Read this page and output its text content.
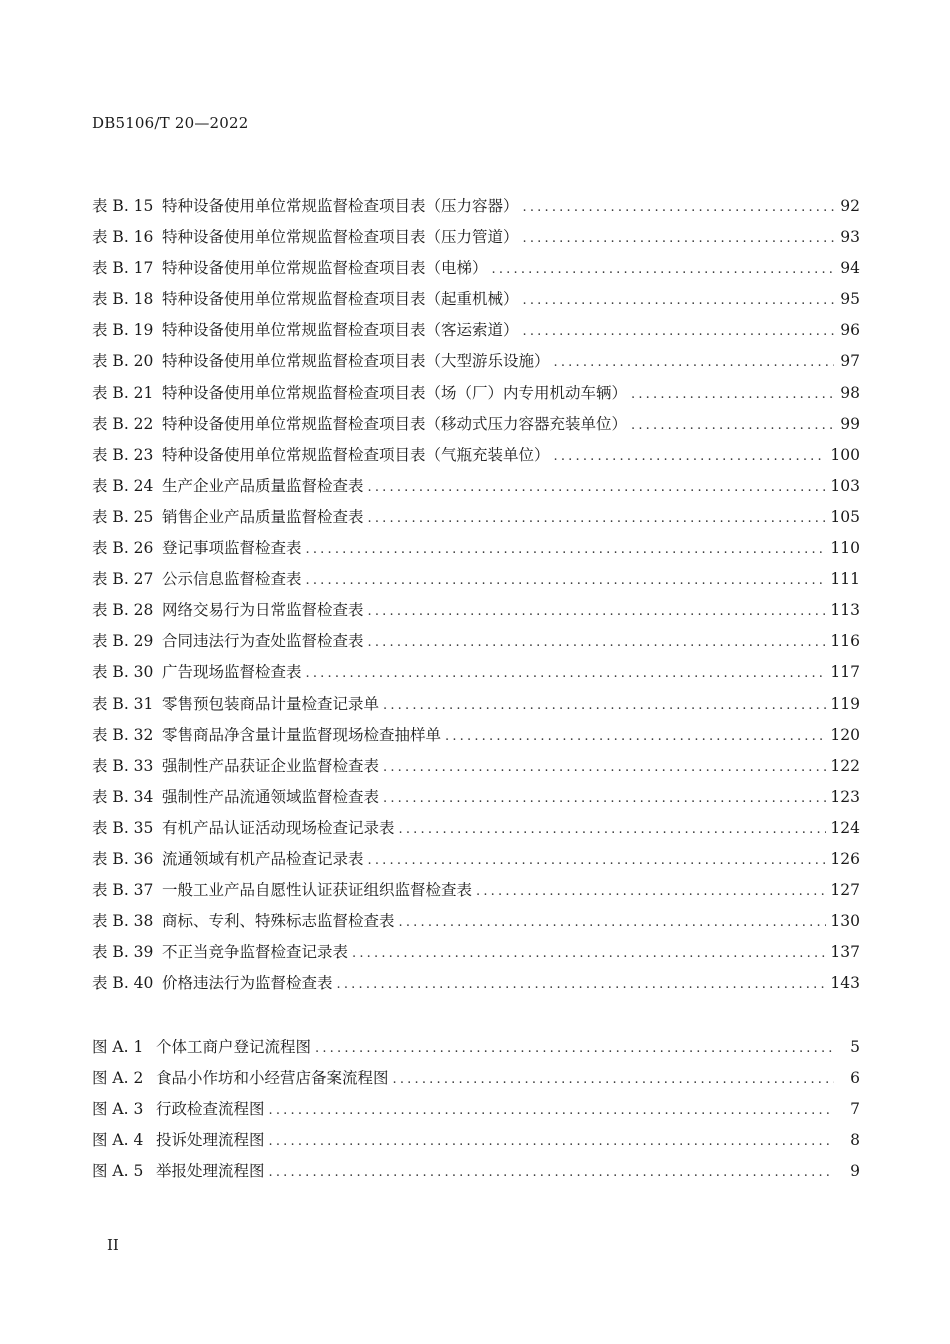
DB5106/T 20—2022
表 B. 15 特种设备使用单位常规监督检查项目表（压力容器） .....	92
表 B. 16 特种设备使用单位常规监督检查项目表（压力管道） .....	93
表 B. 17 特种设备使用单位常规监督检查项目表（电梯） .....	94
表 B. 18 特种设备使用单位常规监督检查项目表（起重机械） .....	95
表 B. 19 特种设备使用单位常规监督检查项目表（客运索道） .....	96
表 B. 20 特种设备使用单位常规监督检查项目表（大型游乐设施） .....	97
表 B. 21 特种设备使用单位常规监督检查项目表（场（厂）内专用机动车辆） .....	98
表 B. 22 特种设备使用单位常规监督检查项目表（移动式压力容器充装单位） .....	99
表 B. 23 特种设备使用单位常规监督检查项目表（气瓶充装单位） .....	100
表 B. 24 生产企业产品质量监督检查表 .....	103
表 B. 25 销售企业产品质量监督检查表 .....	105
表 B. 26 登记事项监督检查表 .....	110
表 B. 27 公示信息监督检查表 .....	111
表 B. 28 网络交易行为日常监督检查表 .....	113
表 B. 29 合同违法行为查处监督检查表 .....	116
表 B. 30 广告现场监督检查表 .....	117
表 B. 31 零售预包装商品计量检查记录单 .....	119
表 B. 32 零售商品净含量计量监督现场检查抽样单 .....	120
表 B. 33 强制性产品获证企业监督检查表 .....	122
表 B. 34 强制性产品流通领域监督检查表 .....	123
表 B. 35 有机产品认证活动现场检查记录表 .....	124
表 B. 36 流通领域有机产品检查记录表 .....	126
表 B. 37 一般工业产品自愿性认证获证组织监督检查表 .....	127
表 B. 38 商标、专利、特殊标志监督检查表 .....	130
表 B. 39 不正当竞争监督检查记录表 .....	137
表 B. 40 价格违法行为监督检查表 .....	143
图 A. 1 个体工商户登记流程图 .....	5
图 A. 2 食品小作坊和小经营店备案流程图 .....	6
图 A. 3 行政检查流程图 .....	7
图 A. 4 投诉处理流程图 .....	8
图 A. 5 举报处理流程图 .....	9
II
